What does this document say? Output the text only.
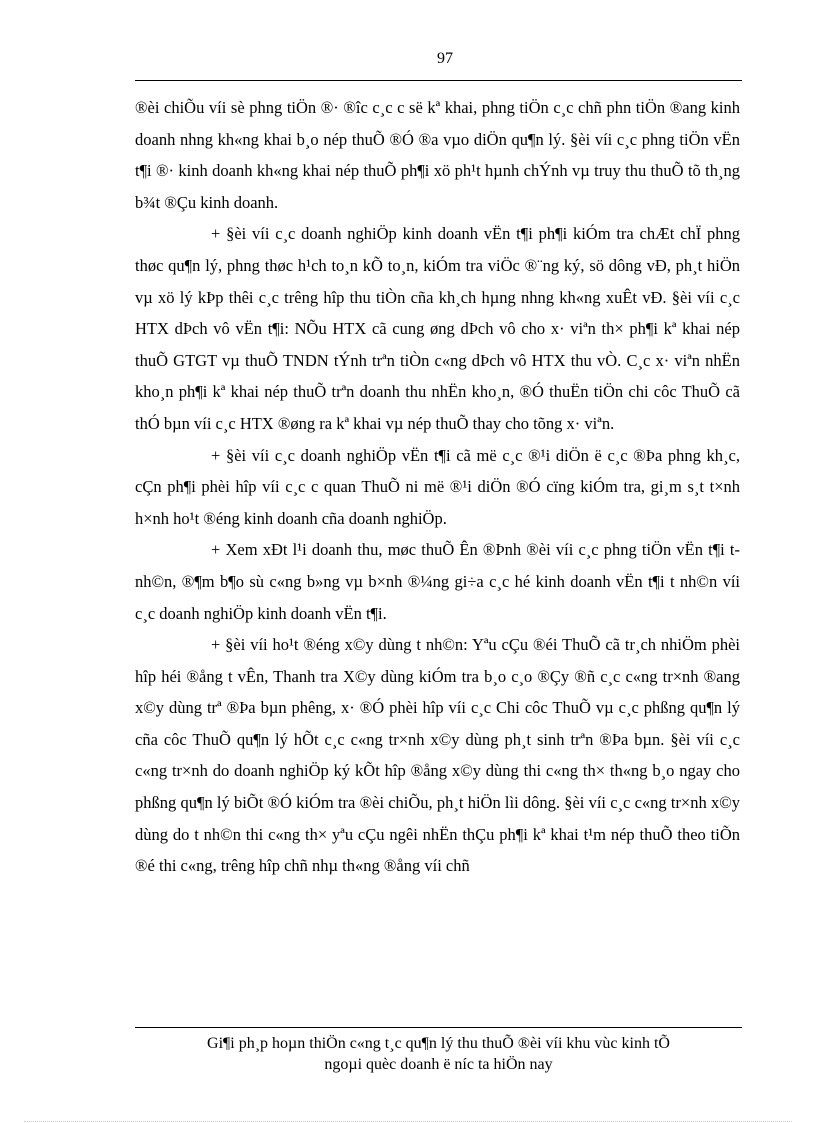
97

®èi chiÕu víi sè phng tiÖn ®· ®îc c¸c c së kª khai, phng tiÖn c¸c chñ phn tiÖn ®ang kinh doanh nhng kh«ng khai b¸o nép thuÕ ®Ó ®a vµo diÖn qu¶n lý. §èi víi c¸c phng tiÖn vËn t¶i ®· kinh doanh kh«ng khai nép thuÕ ph¶i xö ph¹t hµnh chÝnh vµ truy thu thuÕ tõ th¸ng b¾t ®Çu kinh doanh.

+ §èi víi c¸c doanh nghiÖp kinh doanh vËn t¶i ph¶i kiÓm tra chÆt chÏ phng thøc qu¶n lý, phng thøc h¹ch to¸n kÕ to¸n, kiÓm tra viÖc ®¨ng ký, sö dông vÐ, ph¸t hiÖn vµ xö lý kÞp thêi c¸c trêng hîp thu tiÒn cña kh¸ch hµng nhng kh«ng xuÊt vÐ. §èi víi c¸c HTX dÞch vô vËn t¶i: NÕu HTX cã cung øng dÞch vô cho x· viªn th× ph¶i kª khai nép thuÕ GTGT vµ thuÕ TNDN tÝnh trªn tiÒn c«ng dÞch vô HTX thu vÒ. C¸c x· viªn nhËn kho¸n ph¶i kª khai nép thuÕ trªn doanh thu nhËn kho¸n, ®Ó thuËn tiÖn chi côc ThuÕ cã thÓ bµn víi c¸c HTX ®øng ra kª khai vµ nép thuÕ thay cho tõng x· viªn.

+ §èi víi c¸c doanh nghiÖp vËn t¶i cã më c¸c ®¹i diÖn ë c¸c ®Þa phng kh¸c, cÇn ph¶i phèi hîp víi c¸c c quan ThuÕ ni më ®¹i diÖn ®Ó cïng kiÓm tra, gi¸m s¸t t×nh h×nh ho¹t ®éng kinh doanh cña doanh nghiÖp.

+ Xem xÐt l¹i doanh thu, møc thuÕ Ên ®Þnh ®èi víi c¸c phng tiÖn vËn t¶i t nh©n, ®¶m b¶o sù c«ng b»ng vµ b×nh ®¼ng gi÷a c¸c hé kinh doanh vËn t¶i t nh©n víi c¸c doanh nghiÖp kinh doanh vËn t¶i.

+ §èi víi ho¹t ®éng x©y dùng t nh©n: Yªu cÇu ®éi ThuÕ cã tr¸ch nhiÖm phèi hîp héi ®ång t vÊn, Thanh tra X©y dùng kiÓm tra b¸o c¸o ®Çy ®ñ c¸c c«ng tr×nh ®ang x©y dùng trª ®Þa bµn phêng, x· ®Ó phèi hîp víi c¸c Chi côc ThuÕ vµ c¸c phßng qu¶n lý cña côc ThuÕ qu¶n lý hÕt c¸c c«ng tr×nh x©y dùng ph¸t sinh trªn ®Þa bµn. §èi víi c¸c c«ng tr×nh do doanh nghiÖp ký kÕt hîp ®ång x©y dùng thi c«ng th× th«ng b¸o ngay cho phßng qu¶n lý biÕt ®Ó kiÓm tra ®èi chiÕu, ph¸t hiÖn lìi dông. §èi víi c¸c c«ng tr×nh x©y dùng do t nh©n thi c«ng th× yªu cÇu ngêi nhËn thÇu ph¶i kª khai t¹m nép thuÕ theo tiÕn ®é thi c«ng, trêng hîp chñ nhµ th«ng ®ång víi chñ

Gi¶i ph¸p hoµn thiÖn c«ng t¸c qu¶n lý thu thuÕ ®èi víi khu vùc kinh tÕ
ngoµi quèc doanh ë níc ta hiÖn nay
